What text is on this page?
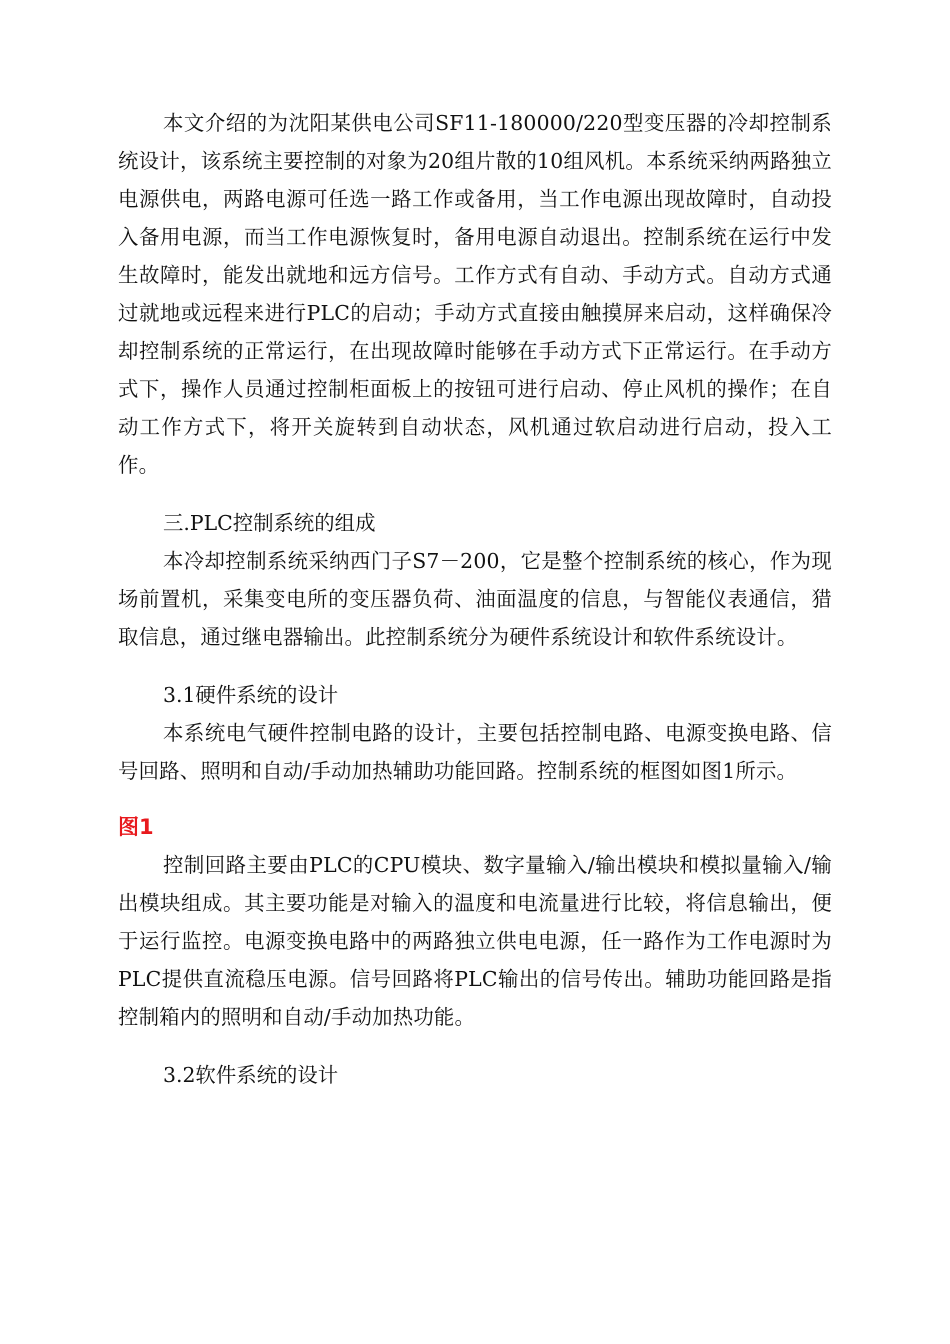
本文介绍的为沈阳某供电公司SF11-180000/220型变压器的冷却控制系统设计，该系统主要控制的对象为20组片散的10组风机。本系统采纳两路独立电源供电，两路电源可任选一路工作或备用，当工作电源出现故障时，自动投入备用电源，而当工作电源恢复时，备用电源自动退出。控制系统在运行中发生故障时，能发出就地和远方信号。工作方式有自动、手动方式。自动方式通过就地或远程来进行PLC的启动；手动方式直接由触摸屏来启动，这样确保冷却控制系统的正常运行，在出现故障时能够在手动方式下正常运行。在手动方式下，操作人员通过控制柜面板上的按钮可进行启动、停止风机的操作；在自动工作方式下，将开关旋转到自动状态，风机通过软启动进行启动，投入工作。

三.PLC控制系统的组成

本冷却控制系统采纳西门子S7－200，它是整个控制系统的核心，作为现场前置机，采集变电所的变压器负荷、油面温度的信息，与智能仪表通信，猎取信息，通过继电器输出。此控制系统分为硬件系统设计和软件系统设计。

3.1硬件系统的设计

本系统电气硬件控制电路的设计，主要包括控制电路、电源变换电路、信号回路、照明和自动/手动加热辅助功能回路。控制系统的框图如图1所示。

图1

控制回路主要由PLC的CPU模块、数字量输入/输出模块和模拟量输入/输出模块组成。其主要功能是对输入的温度和电流量进行比较，将信息输出，便于运行监控。电源变换电路中的两路独立供电电源，任一路作为工作电源时为PLC提供直流稳压电源。信号回路将PLC输出的信号传出。辅助功能回路是指控制箱内的照明和自动/手动加热功能。

3.2软件系统的设计
